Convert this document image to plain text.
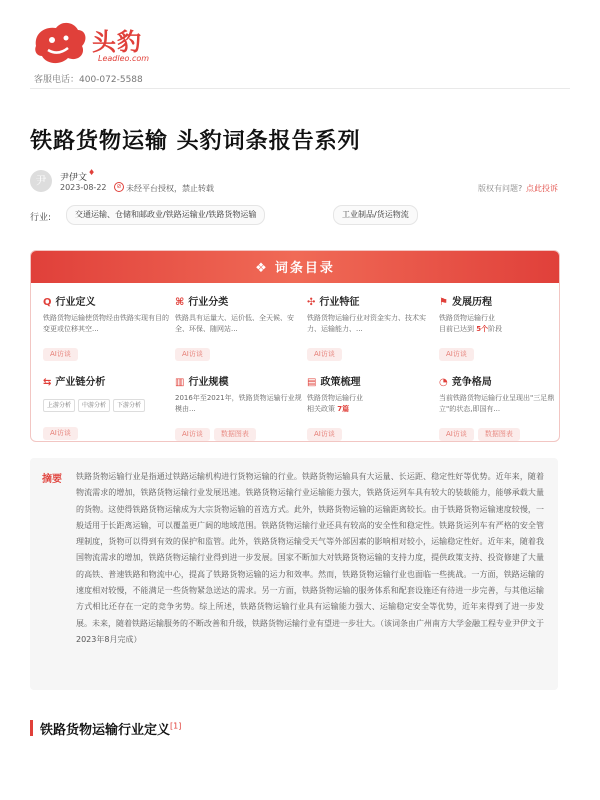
头豹
Leadleo.com
客服电话：400-072-5588
铁路货物运输 头豹词条报告系列
尹	尹伊文
♦
2023-08-22	⊘ 未经平台授权，禁止转载	版权有问题? 点此投诉
行业:	交通运输、仓储和邮政业/铁路运输业/铁路货物运输	工业制品/货运物流
❖ 词条目录
Q 行业定义
铁路货物运输使货物经由铁路实现有目的变更或位移其空...
AI访谈
⌘ 行业分类
铁路具有运量大、运价低、全天候、安全、环保、随网站...
AI访谈
✣ 行业特征
铁路货物运输行业对资金实力、技术实力、运输能力、...
AI访谈
⚑ 发展历程
铁路货物运输行业
目前已达到 5个阶段
AI访谈
⇆ 产业链分析
上游分析 中游分析 下游分析
AI访谈
▥ 行业规模
2016年至2021年，铁路货物运输行业规模由...
AI访谈	数据图表
▤ 政策梳理
铁路货物运输行业
相关政策 7篇
AI访谈
◔ 竞争格局
当前铁路货物运输行业呈现出"三足鼎立"的状态,即国有...
AI访谈	数据图表
摘要 铁路货物运输行业是指通过铁路运输机构进行货物运输的行业。铁路货物运输具有大运量、长运距、稳定性好等优势。近年来，随着物流需求的增加，铁路货物运输行业发展迅速。铁路货物运输行业运输能力强大，铁路货运列车具有较大的装载能力，能够承载大量的货物。这使得铁路货物运输成为大宗货物运输的首选方式。此外，铁路货物运输的运输距离较长。由于铁路货物运输速度较慢，一般适用于长距离运输，可以覆盖更广阔的地域范围。铁路货物运输行业还具有较高的安全性和稳定性。铁路货运列车有严格的安全管理制度，货物可以得到有效的保护和监管。此外，铁路货物运输受天气等外部因素的影响相对较小，运输稳定性好。近年来，随着我国物流需求的增加，铁路货物运输行业得到进一步发展。国家不断加大对铁路货物运输的支持力度，提供政策支持、投资修建了大量的高铁、普速铁路和物流中心，提高了铁路货物运输的运力和效率。然而，铁路货物运输行业也面临一些挑战。一方面，铁路运输的速度相对较慢，不能满足一些货物紧急送达的需求。另一方面，铁路货物运输的服务体系和配套设施还有待进一步完善，与其他运输方式相比还存在一定的竞争劣势。综上所述，铁路货物运输行业具有运输能力强大、运输稳定安全等优势，近年来得到了进一步发展。未来，随着铁路运输服务的不断改善和升级，铁路货物运输行业有望进一步壮大。（该词条由广州南方大学金融工程专业尹伊文于2023年8月完成）
铁路货物运输行业定义[1]
